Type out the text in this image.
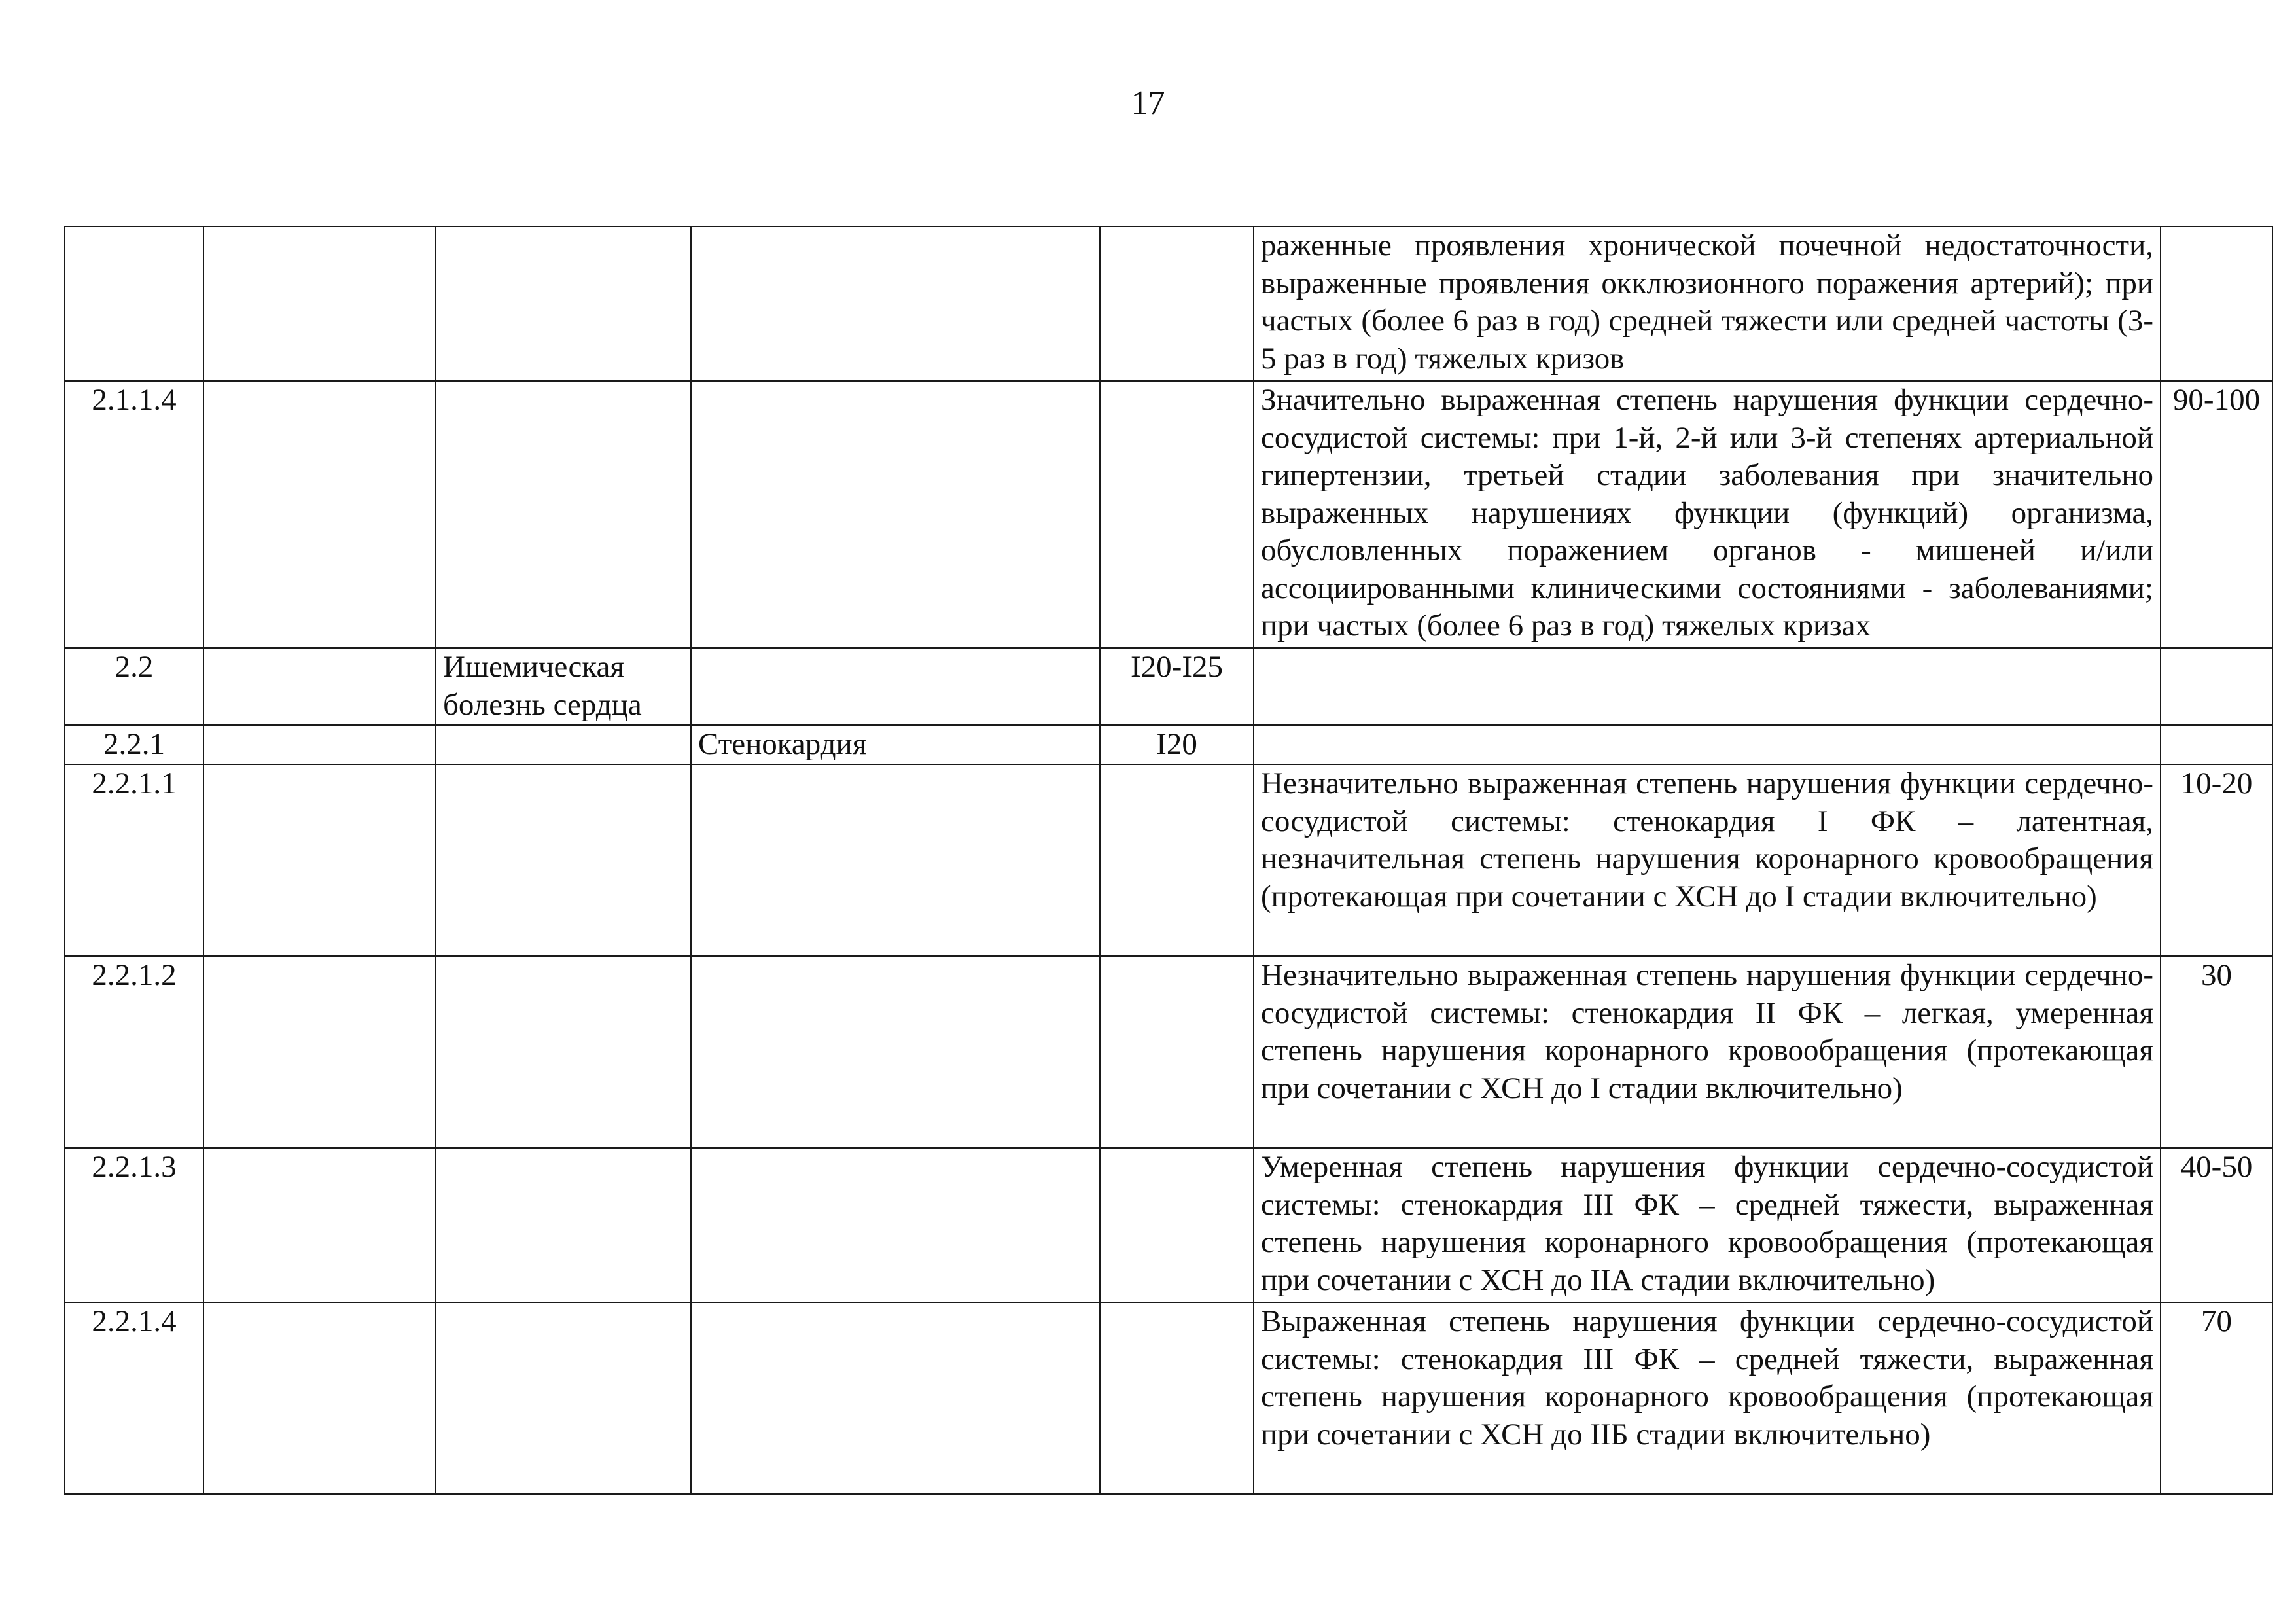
17
					раженные проявления хронической почечной недостаточности, выраженные проявления окклюзионного поражения артерий); при частых (более 6 раз в год) средней тяжести или средней частоты (3-5 раз в год) тяжелых кризов	
2.1.1.4					Значительно выраженная степень нарушения функции сердечно-сосудистой системы: при 1-й, 2-й или 3-й степенях артериальной гипертензии, третьей стадии заболевания при значительно выраженных нарушениях функции (функций) организма, обусловленных поражением органов - мишеней и/или ассоциированными клиническими состояниями - заболеваниями; при частых (более 6 раз в год) тяжелых кризах	90-100
2.2		Ишемическая болезнь сердца		I20-I25		
2.2.1			Стенокардия	I20		
2.2.1.1					Незначительно выраженная степень нарушения функции сердечно-сосудистой системы: стенокардия I ФК – латентная, незначительная степень нарушения коронарного кровообращения (протекающая при сочетании с ХСН до I стадии включительно)	10-20
2.2.1.2					Незначительно выраженная степень нарушения функции сердечно-сосудистой системы: стенокардия II ФК – легкая, умеренная степень нарушения коронарного кровообращения (протекающая при сочетании с ХСН до I стадии включительно)	30
2.2.1.3					Умеренная степень нарушения функции сердечно-сосудистой системы: стенокардия III ФК – средней тяжести, выраженная степень нарушения коронарного кровообращения (протекающая при сочетании с ХСН до IIА стадии включительно)	40-50
2.2.1.4					Выраженная степень нарушения функции сердечно-сосудистой системы: стенокардия III ФК – средней тяжести, выраженная степень нарушения коронарного кровообращения (протекающая при сочетании с ХСН до IIБ стадии включительно)	70
